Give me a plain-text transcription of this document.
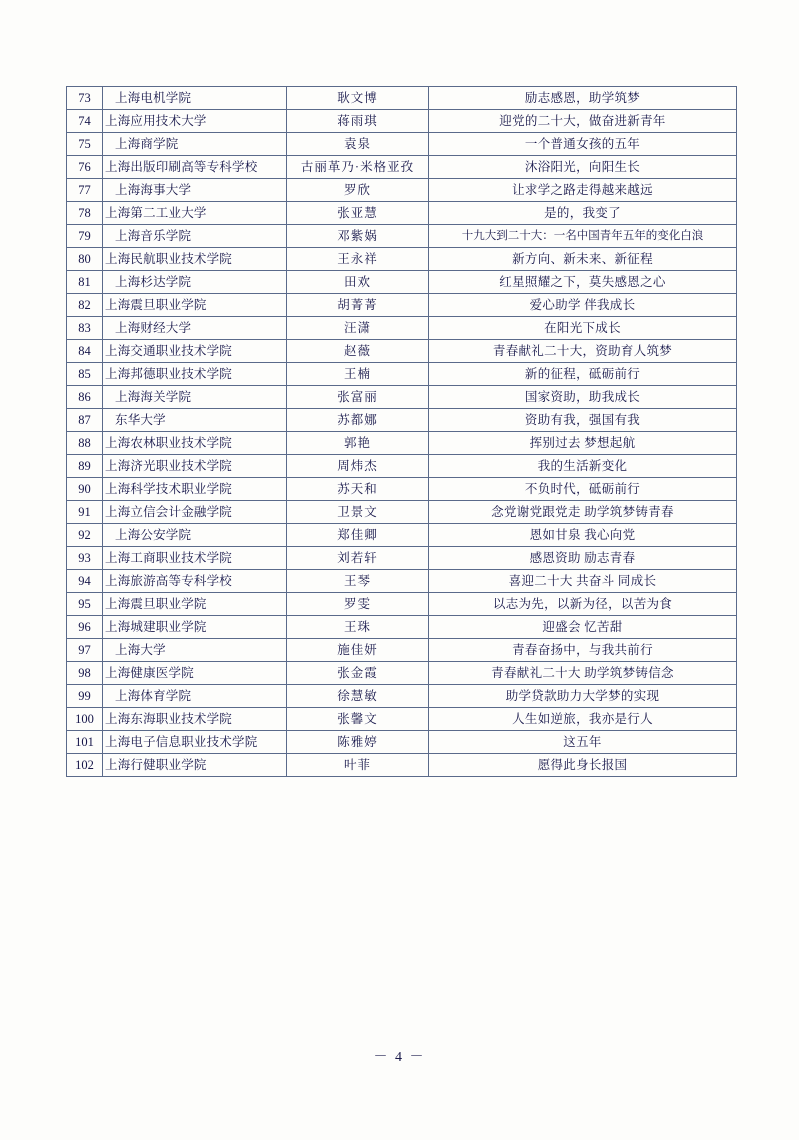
73	上海电机学院	耿文博	励志感恩，助学筑梦
74	上海应用技术大学	蒋雨琪	迎党的二十大，做奋进新青年
75	上海商学院	袁泉	一个普通女孩的五年
76	上海出版印刷高等专科学校	古丽革乃·米格亚孜	沐浴阳光，向阳生长
77	上海海事大学	罗欣	让求学之路走得越来越远
78	上海第二工业大学	张亚慧	是的，我变了
79	上海音乐学院	邓紫娲	十九大到二十大：一名中国青年五年的变化白浪
80	上海民航职业技术学院	王永祥	新方向、新未来、新征程
81	上海杉达学院	田欢	红星照耀之下，莫失感恩之心
82	上海震旦职业学院	胡菁菁	爱心助学 伴我成长
83	上海财经大学	汪潇	在阳光下成长
84	上海交通职业技术学院	赵薇	青春献礼二十大，资助育人筑梦
85	上海邦德职业技术学院	王楠	新的征程，砥砺前行
86	上海海关学院	张富丽	国家资助，助我成长
87	东华大学	苏都娜	资助有我，强国有我
88	上海农林职业技术学院	郭艳	挥别过去 梦想起航
89	上海济光职业技术学院	周炜杰	我的生活新变化
90	上海科学技术职业学院	苏天和	不负时代，砥砺前行
91	上海立信会计金融学院	卫景文	念党谢党跟党走 助学筑梦铸青春
92	上海公安学院	郑佳卿	恩如甘泉 我心向党
93	上海工商职业技术学院	刘若轩	感恩资助 励志青春
94	上海旅游高等专科学校	王琴	喜迎二十大 共奋斗 同成长
95	上海震旦职业学院	罗雯	以志为先，以新为径，以苦为食
96	上海城建职业学院	王珠	迎盛会 忆苦甜
97	上海大学	施佳妍	青春奋扬中，与我共前行
98	上海健康医学院	张金霞	青春献礼二十大 助学筑梦铸信念
99	上海体育学院	徐慧敏	助学贷款助力大学梦的实现
100	上海东海职业技术学院	张馨文	人生如逆旅，我亦是行人
101	上海电子信息职业技术学院	陈雅婷	这五年
102	上海行健职业学院	叶菲	愿得此身长报国
－ 4 －
